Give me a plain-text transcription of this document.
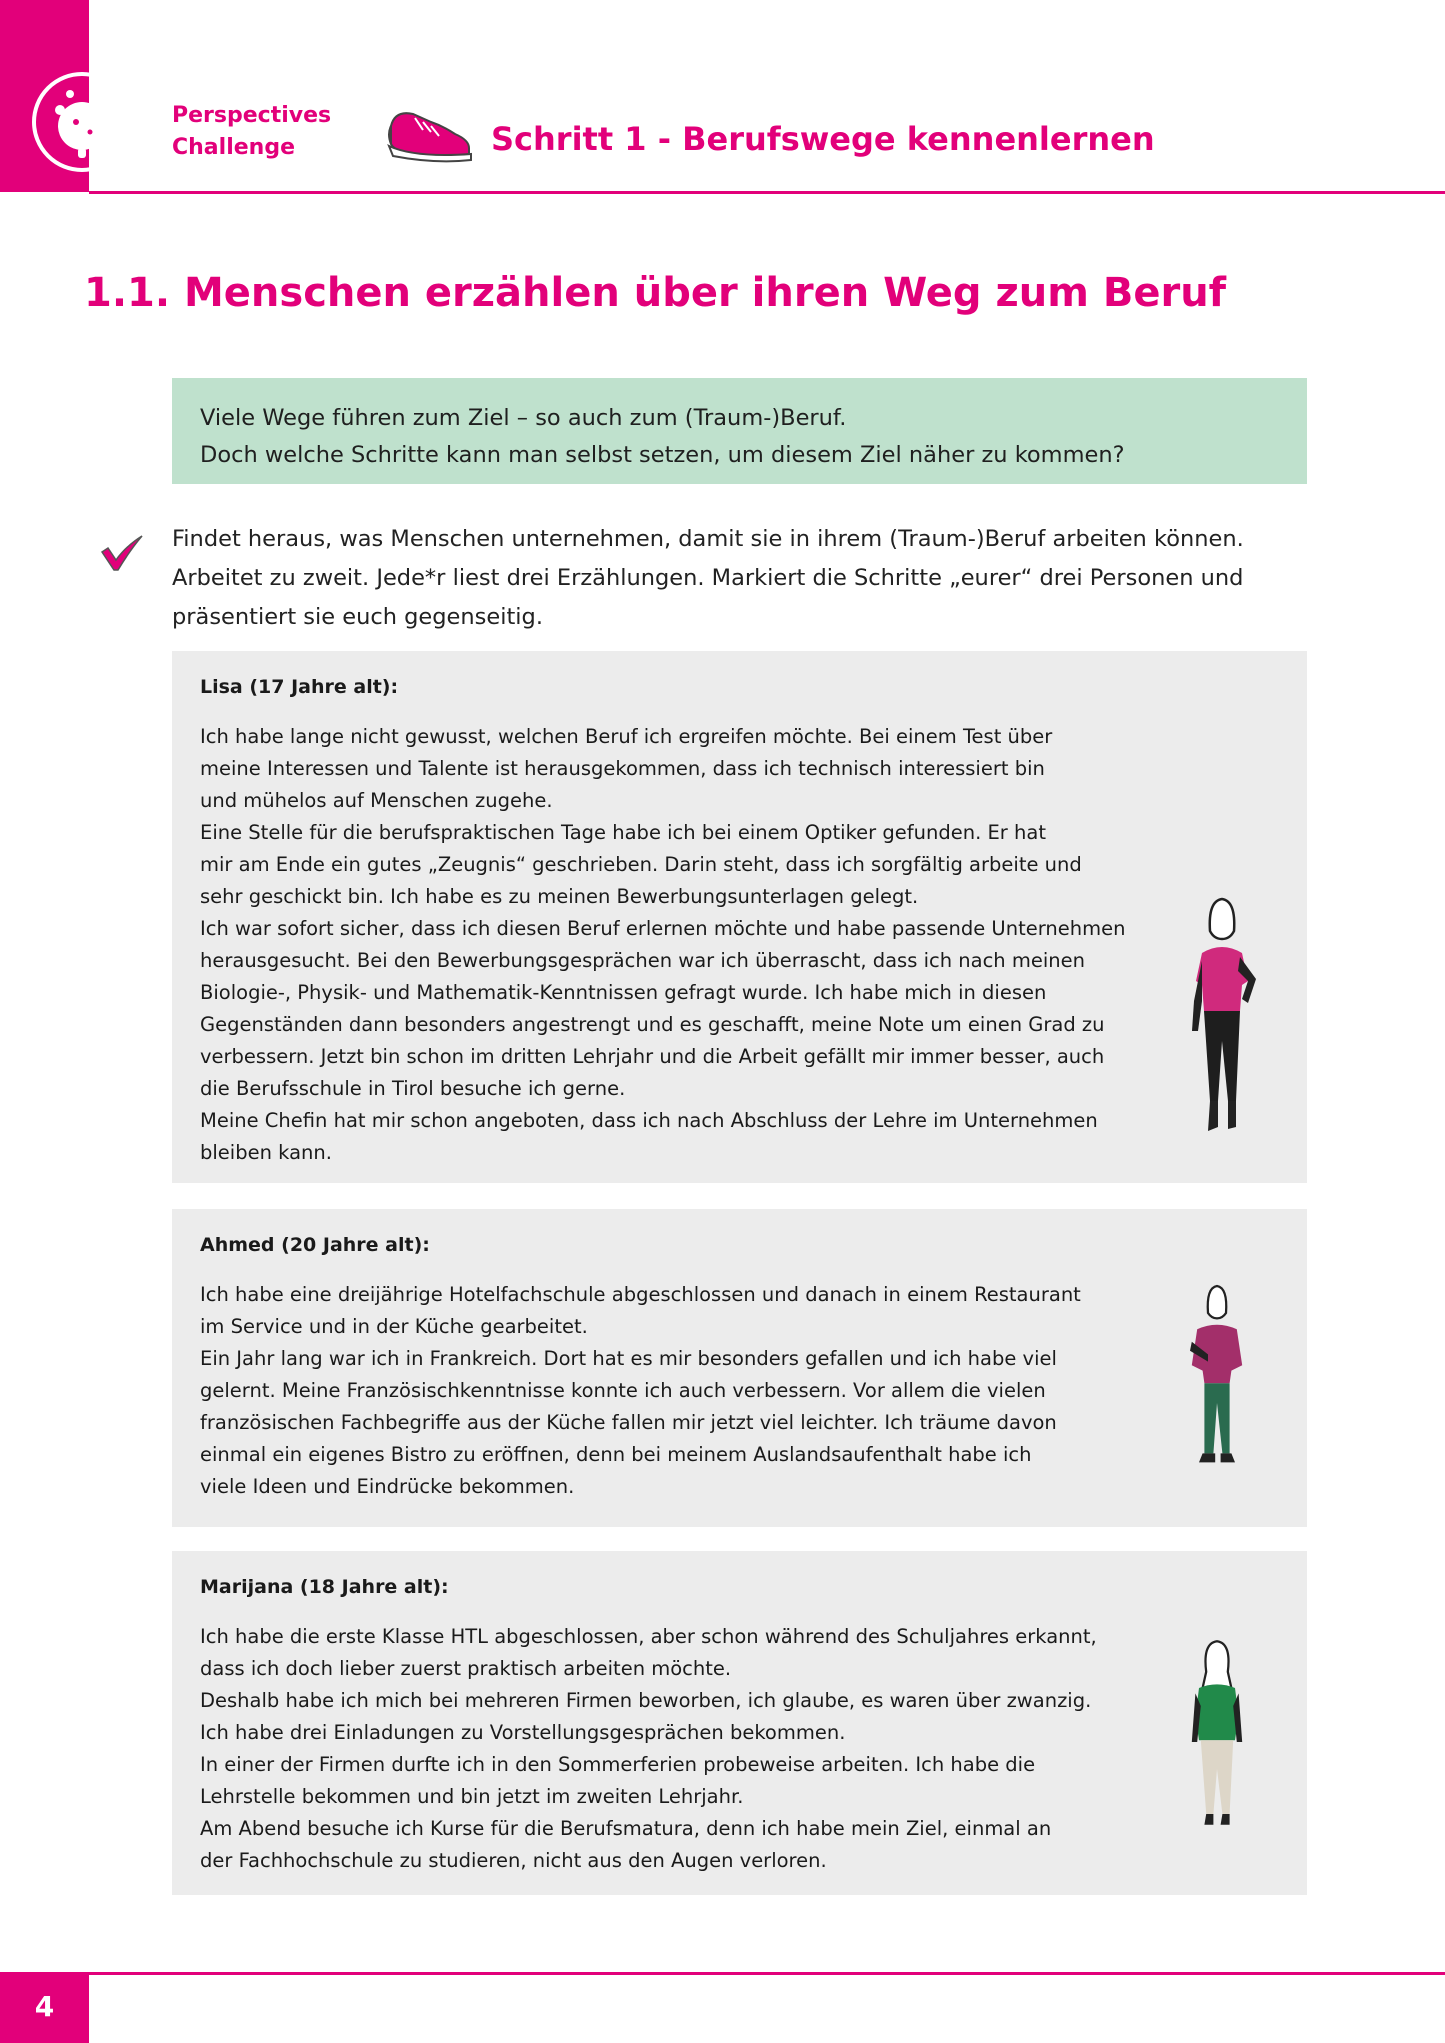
Perspectives
Challenge	Schritt 1 - Berufswege kennenlernen
1.1. Menschen erzählen über ihren Weg zum Beruf
Viele Wege führen zum Ziel – so auch zum (Traum-)Beruf.
Doch welche Schritte kann man selbst setzen, um diesem Ziel näher zu kommen?
Findet heraus, was Menschen unternehmen, damit sie in ihrem (Traum-)Beruf arbeiten können.
Arbeitet zu zweit. Jede*r liest drei Erzählungen. Markiert die Schritte „eurer“ drei Personen und
präsentiert sie euch gegenseitig.
Lisa (17 Jahre alt):
Ich habe lange nicht gewusst, welchen Beruf ich ergreifen möchte. Bei einem Test über
meine Interessen und Talente ist herausgekommen, dass ich technisch interessiert bin
und mühelos auf Menschen zugehe.
Eine Stelle für die berufspraktischen Tage habe ich bei einem Optiker gefunden. Er hat
mir am Ende ein gutes „Zeugnis“ geschrieben. Darin steht, dass ich sorgfältig arbeite und
sehr geschickt bin. Ich habe es zu meinen Bewerbungsunterlagen gelegt.
Ich war sofort sicher, dass ich diesen Beruf erlernen möchte und habe passende Unternehmen
herausgesucht. Bei den Bewerbungsgesprächen war ich überrascht, dass ich nach meinen
Biologie-, Physik- und Mathematik-Kenntnissen gefragt wurde. Ich habe mich in diesen
Gegenständen dann besonders angestrengt und es geschafft, meine Note um einen Grad zu
verbessern. Jetzt bin schon im dritten Lehrjahr und die Arbeit gefällt mir immer besser, auch
die Berufsschule in Tirol besuche ich gerne.
Meine Chefin hat mir schon angeboten, dass ich nach Abschluss der Lehre im Unternehmen
bleiben kann.
Ahmed (20 Jahre alt):
Ich habe eine dreijährige Hotelfachschule abgeschlossen und danach in einem Restaurant
im Service und in der Küche gearbeitet.
Ein Jahr lang war ich in Frankreich. Dort hat es mir besonders gefallen und ich habe viel
gelernt. Meine Französischkenntnisse konnte ich auch verbessern. Vor allem die vielen
französischen Fachbegriffe aus der Küche fallen mir jetzt viel leichter. Ich träume davon
einmal ein eigenes Bistro zu eröffnen, denn bei meinem Auslandsaufenthalt habe ich
viele Ideen und Eindrücke bekommen.
Marijana (18 Jahre alt):
Ich habe die erste Klasse HTL abgeschlossen, aber schon während des Schuljahres erkannt,
dass ich doch lieber zuerst praktisch arbeiten möchte.
Deshalb habe ich mich bei mehreren Firmen beworben, ich glaube, es waren über zwanzig.
Ich habe drei Einladungen zu Vorstellungsgesprächen bekommen.
In einer der Firmen durfte ich in den Sommerferien probeweise arbeiten. Ich habe die
Lehrstelle bekommen und bin jetzt im zweiten Lehrjahr.
Am Abend besuche ich Kurse für die Berufsmatura, denn ich habe mein Ziel, einmal an
der Fachhochschule zu studieren, nicht aus den Augen verloren.
4
